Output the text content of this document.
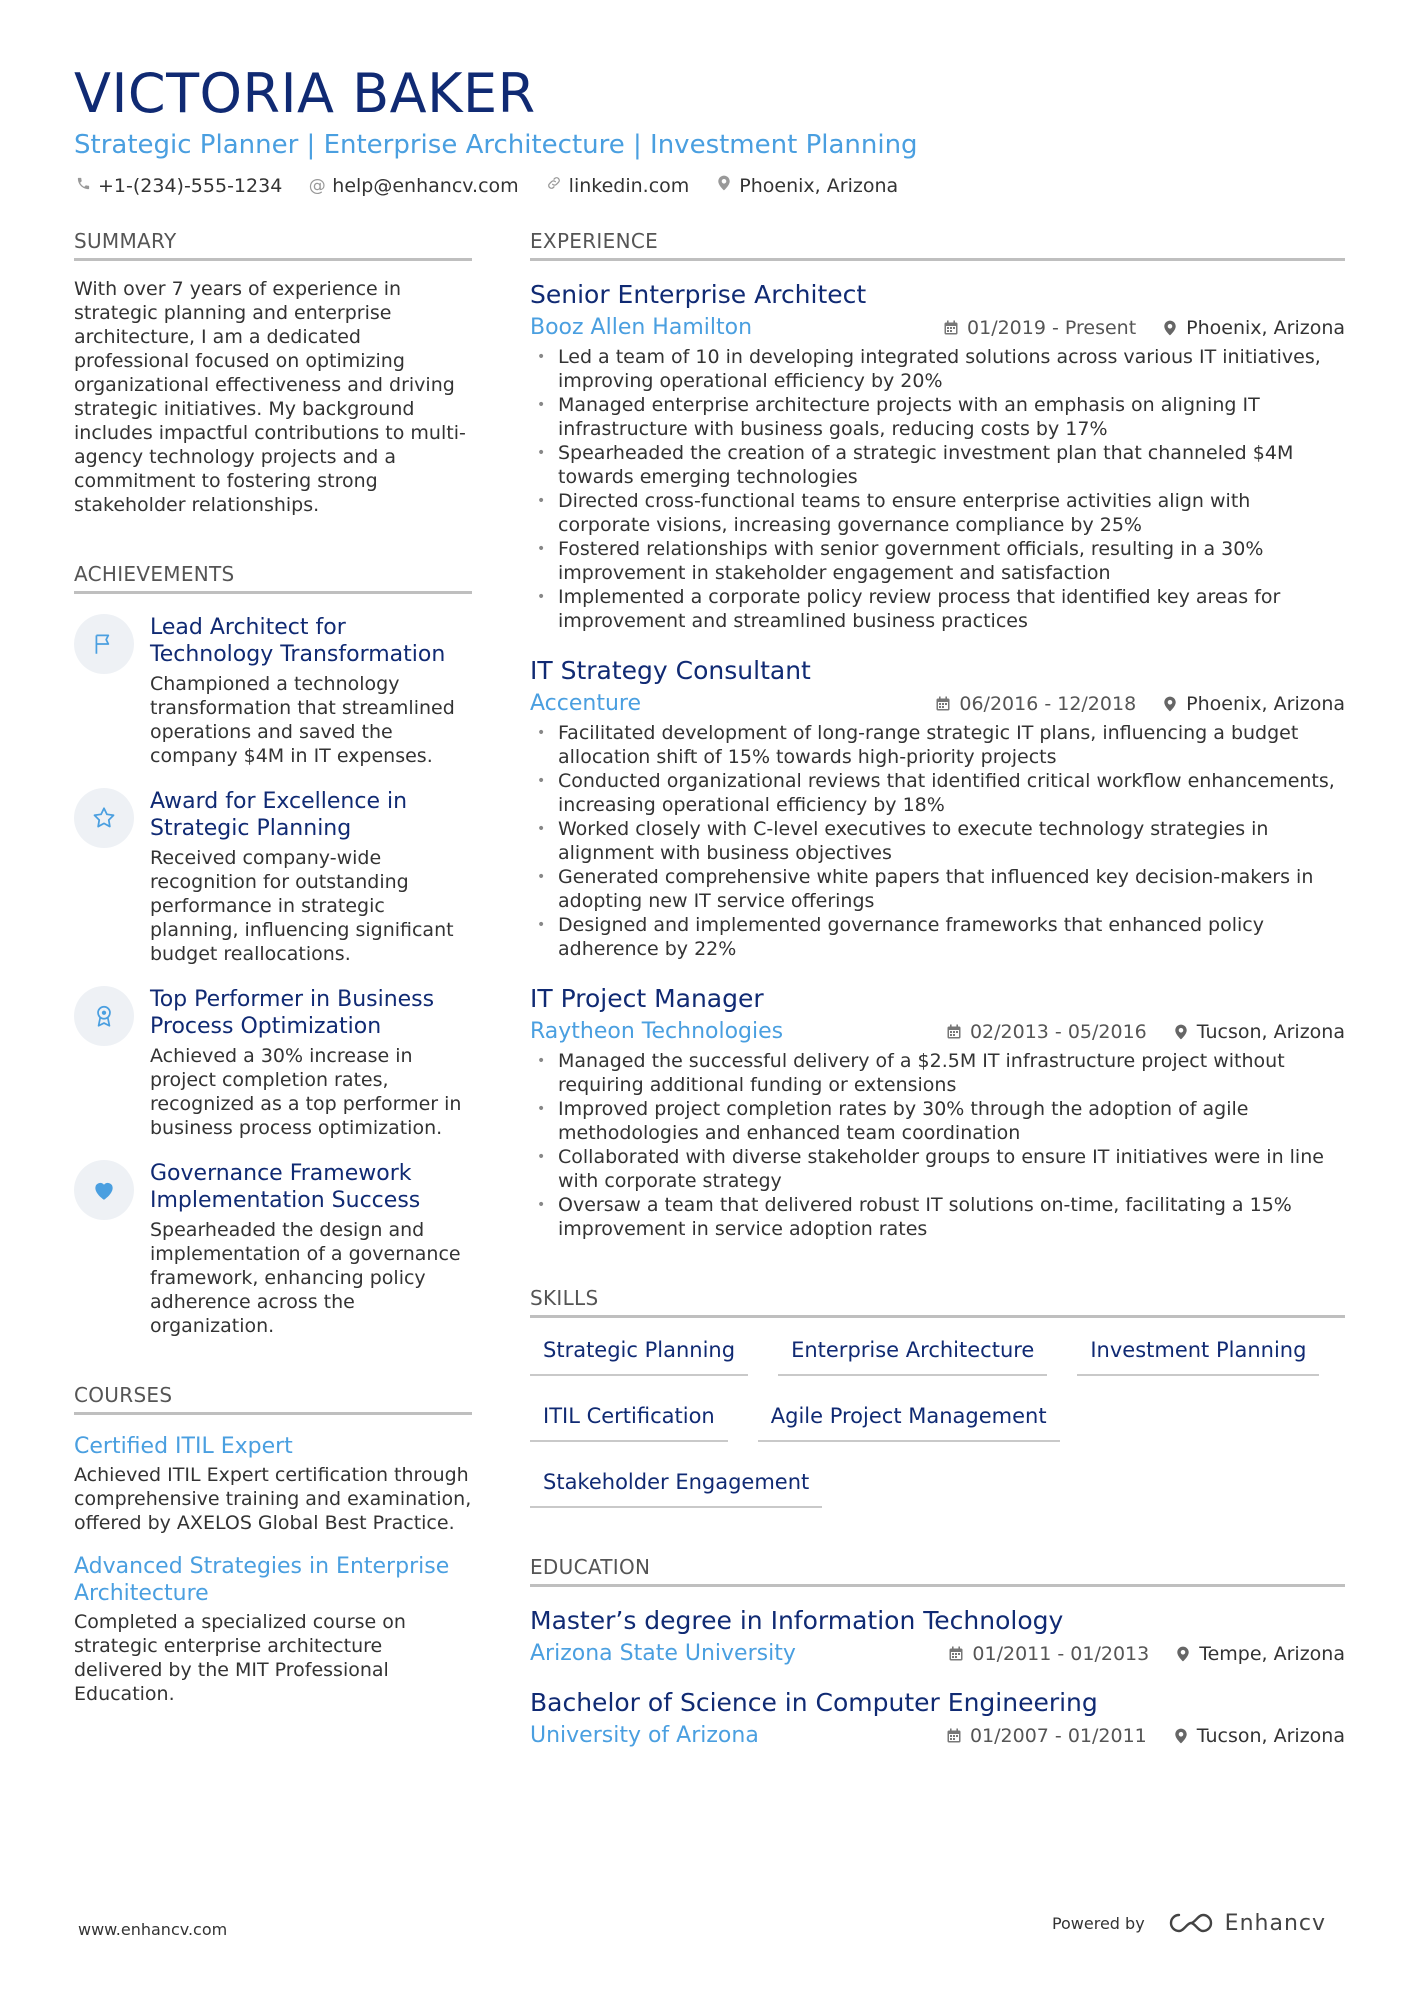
VICTORIA BAKER
Strategic Planner | Enterprise Architecture | Investment Planning
+1-(234)-555-1234 @ help@enhancv.com	linkedin.com	Phoenix, Arizona
SUMMARY
With over 7 years of experience in strategic planning and enterprise architecture, I am a dedicated professional focused on optimizing organizational effectiveness and driving strategic initiatives. My background includes impactful contributions to multi-agency technology projects and a commitment to fostering strong stakeholder relationships.
ACHIEVEMENTS
Lead Architect for Technology Transformation
Championed a technology transformation that streamlined operations and saved the company $4M in IT expenses.
Award for Excellence in Strategic Planning
Received company-wide recognition for outstanding performance in strategic planning, influencing significant budget reallocations.
Top Performer in Business Process Optimization
Achieved a 30% increase in project completion rates, recognized as a top performer in business process optimization.
Governance Framework Implementation Success
Spearheaded the design and implementation of a governance framework, enhancing policy adherence across the organization.
COURSES
Certified ITIL Expert
Achieved ITIL Expert certification through comprehensive training and examination, offered by AXELOS Global Best Practice.
Advanced Strategies in Enterprise Architecture
Completed a specialized course on strategic enterprise architecture delivered by the MIT Professional Education.
EXPERIENCE
Senior Enterprise Architect
Booz Allen Hamilton	01/2019 - Present	Phoenix, Arizona
• Led a team of 10 in developing integrated solutions across various IT initiatives, improving operational efficiency by 20%
• Managed enterprise architecture projects with an emphasis on aligning IT infrastructure with business goals, reducing costs by 17%
• Spearheaded the creation of a strategic investment plan that channeled $4M towards emerging technologies
• Directed cross-functional teams to ensure enterprise activities align with corporate visions, increasing governance compliance by 25%
• Fostered relationships with senior government officials, resulting in a 30% improvement in stakeholder engagement and satisfaction
• Implemented a corporate policy review process that identified key areas for improvement and streamlined business practices
IT Strategy Consultant
Accenture	06/2016 - 12/2018	Phoenix, Arizona
• Facilitated development of long-range strategic IT plans, influencing a budget allocation shift of 15% towards high-priority projects
• Conducted organizational reviews that identified critical workflow enhancements, increasing operational efficiency by 18%
• Worked closely with C-level executives to execute technology strategies in alignment with business objectives
• Generated comprehensive white papers that influenced key decision-makers in adopting new IT service offerings
• Designed and implemented governance frameworks that enhanced policy adherence by 22%
IT Project Manager
Raytheon Technologies	02/2013 - 05/2016	Tucson, Arizona
• Managed the successful delivery of a $2.5M IT infrastructure project without requiring additional funding or extensions
• Improved project completion rates by 30% through the adoption of agile methodologies and enhanced team coordination
• Collaborated with diverse stakeholder groups to ensure IT initiatives were in line with corporate strategy
• Oversaw a team that delivered robust IT solutions on-time, facilitating a 15% improvement in service adoption rates
SKILLS
Strategic Planning	Enterprise Architecture	Investment Planning
ITIL Certification	Agile Project Management
Stakeholder Engagement
EDUCATION
Master’s degree in Information Technology
Arizona State University	01/2011 - 01/2013	Tempe, Arizona
Bachelor of Science in Computer Engineering
University of Arizona	01/2007 - 01/2011	Tucson, Arizona
www.enhancv.com	Powered by	Enhancv
